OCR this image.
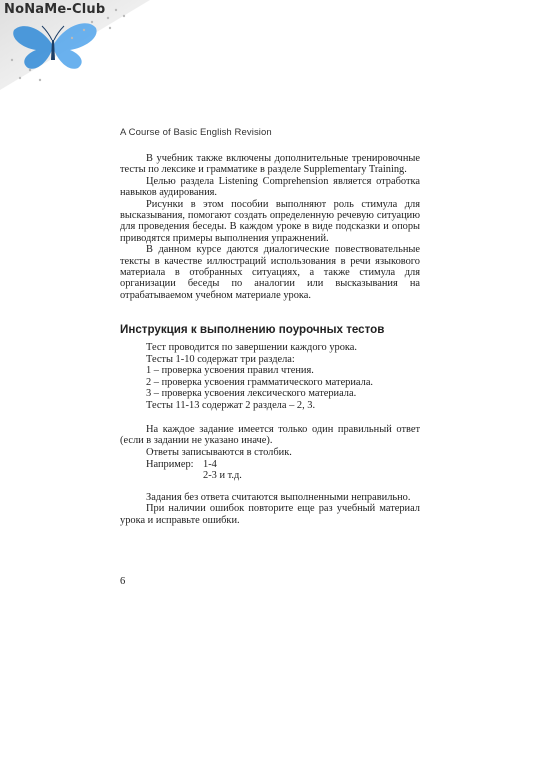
NoNaMe-Club
A Course of Basic English Revision

В учебник также включены дополнительные тренировочные тесты по лексике и грамматике в разделе Supplementary Training.

Целью раздела Listening Comprehension является отработка навыков аудирования.

Рисунки в этом пособии выполняют роль стимула для высказывания, помогают создать определенную речевую ситуацию для проведения беседы. В каждом уроке в виде подсказки и опоры приводятся примеры выполнения упражнений.

В данном курсе даются диалогические повествовательные тексты в качестве иллюстраций использования в речи языкового материала в отобранных ситуациях, а также стимула для организации беседы по аналогии или высказывания на отрабатываемом учебном материале урока.

Инструкция к выполнению поурочных тестов
Тест проводится по завершении каждого урока.
Тесты 1-10 содержат три раздела:
1 – проверка усвоения правил чтения.
2 – проверка усвоения грамматического материала.
3 – проверка усвоения лексического материала.
Тесты 11-13 содержат 2 раздела – 2, 3.

На каждое задание имеется только один правильный ответ (если в задании не указано иначе).

Ответы записываются в столбик.

Например: 1-4
2-3 и т.д.

Задания без ответа считаются выполненными неправильно.

При наличии ошибок повторите еще раз учебный материал урока и исправьте ошибки.

6
